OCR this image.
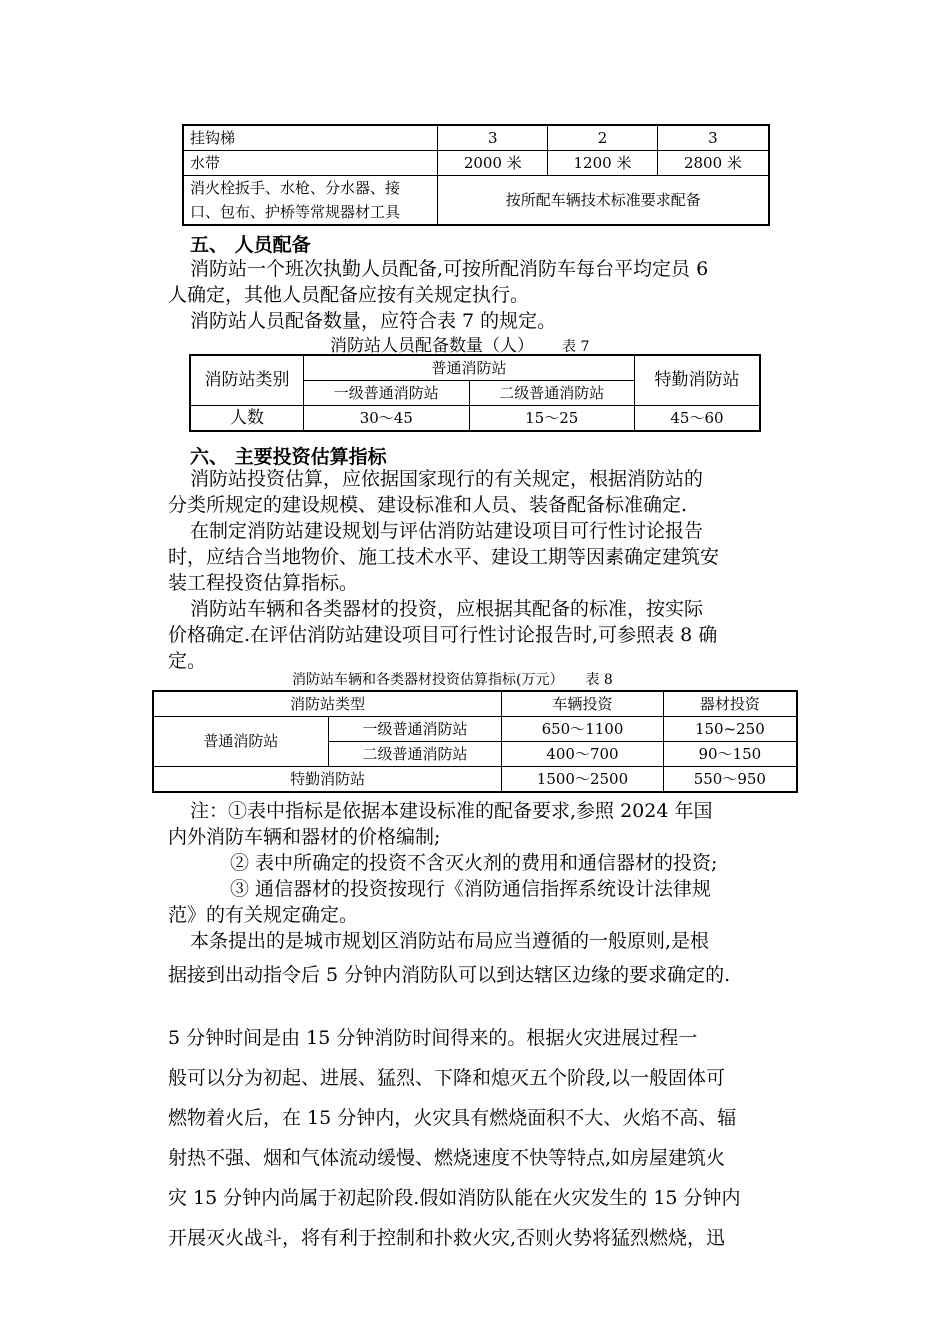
挂钩梯	3	2	3
水带	2000 米	1200 米	2800 米

消火栓扳手、水枪、分水器、接
口、包布、护桥等常规器材工具	按所配车辆技术标准要求配备		
五、 人员配备
消防站一个班次执勤人员配备,可按所配消防车每台平均定员 6
人确定，其他人员配备应按有关规定执行。
消防站人员配备数量，应符合表 7 的规定。
消防站人员配备数量（人） 表 7
消防站类别	普通消防站		特勤消防站
	一级普通消防站	二级普通消防站	
人数	30～45	15～25	45～60
六、 主要投资估算指标
消防站投资估算，应依据国家现行的有关规定，根据消防站的
分类所规定的建设规模、建设标准和人员、装备配备标准确定.
在制定消防站建设规划与评估消防站建设项目可行性讨论报告
时，应结合当地物价、施工技术水平、建设工期等因素确定建筑安
装工程投资估算指标。
消防站车辆和各类器材的投资，应根据其配备的标准，按实际
价格确定.在评估消防站建设项目可行性讨论报告时,可参照表 8 确
定。
消防站车辆和各类器材投资估算指标(万元） 表 8
消防站类型		车辆投资	器材投资
普通消防站	一级普通消防站	650～1100	150~250
	二级普通消防站	400～700	90～150
特勤消防站		1500～2500	550～950
注：①表中指标是依据本建设标准的配备要求,参照 2024 年国
内外消防车辆和器材的价格编制;
② 表中所确定的投资不含灭火剂的费用和通信器材的投资;
③ 通信器材的投资按现行《消防通信指挥系统设计法律规
范》的有关规定确定。
本条提出的是城市规划区消防站布局应当遵循的一般原则,是根
据接到出动指令后 5 分钟内消防队可以到达辖区边缘的要求确定的.
5 分钟时间是由 15 分钟消防时间得来的。根据火灾进展过程一
般可以分为初起、进展、猛烈、下降和熄灭五个阶段,以一般固体可
燃物着火后，在 15 分钟内，火灾具有燃烧面积不大、火焰不高、辐
射热不强、烟和气体流动缓慢、燃烧速度不快等特点,如房屋建筑火
灾 15 分钟内尚属于初起阶段.假如消防队能在火灾发生的 15 分钟内
开展灭火战斗，将有利于控制和扑救火灾,否则火势将猛烈燃烧，迅
